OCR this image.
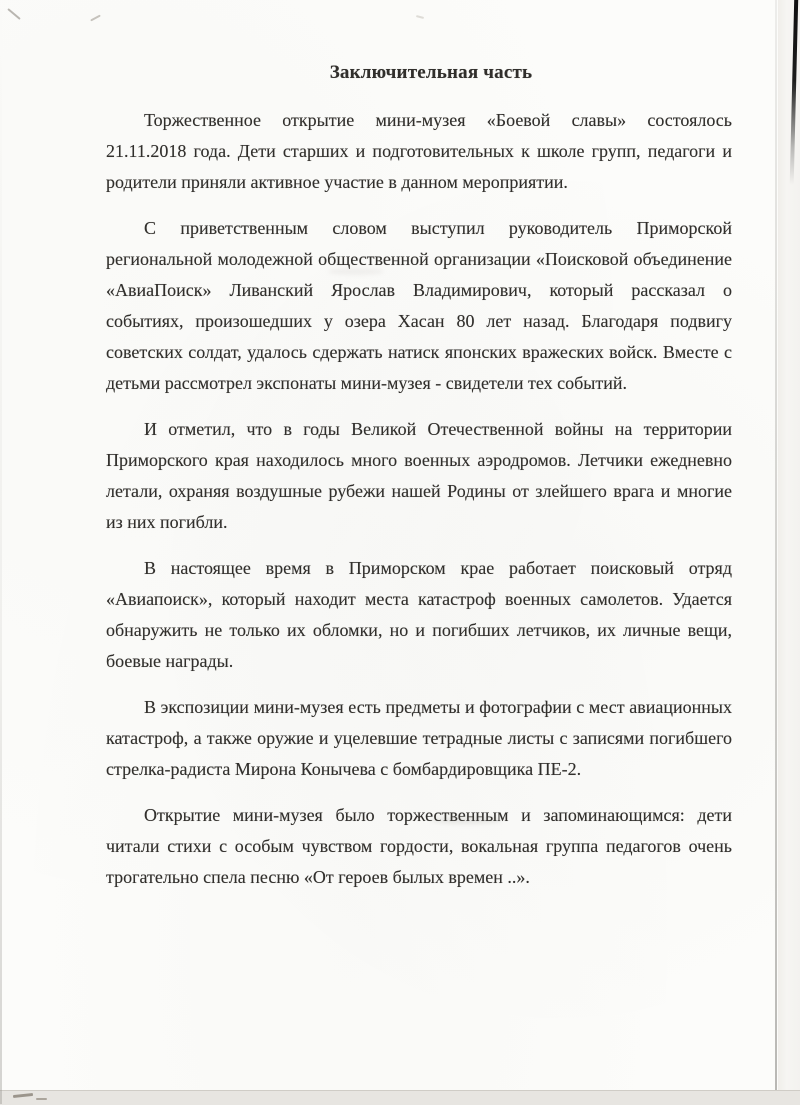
Заключительная часть

Торжественное открытие мини-музея «Боевой славы» состоялось 21.11.2018 года. Дети старших и подготовительных к школе групп, педагоги и родители приняли активное участие в данном мероприятии.

С приветственным словом выступил руководитель Приморской региональной молодежной общественной организации «Поисковой объединение «АвиаПоиск» Ливанский Ярослав Владимирович, который рассказал о событиях, произошедших у озера Хасан 80 лет назад. Благодаря подвигу советских солдат, удалось сдержать натиск японских вражеских войск. Вместе с детьми рассмотрел экспонаты мини-музея - свидетели тех событий.

И отметил, что в годы Великой Отечественной войны на территории Приморского края находилось много военных аэродромов. Летчики ежедневно летали, охраняя воздушные рубежи нашей Родины от злейшего врага и многие из них погибли.

В настоящее время в Приморском крае работает поисковый отряд «Авиапоиск», который находит места катастроф военных самолетов. Удается обнаружить не только их обломки, но и погибших летчиков, их личные вещи, боевые награды.

В экспозиции мини-музея есть предметы и фотографии с мест авиационных катастроф, а также оружие и уцелевшие тетрадные листы с записями погибшего стрелка-радиста Мирона Конычева с бомбардировщика ПЕ-2.

Открытие мини-музея было торжественным и запоминающимся: дети читали стихи с особым чувством гордости, вокальная группа педагогов очень трогательно спела песню «От героев былых времен ..».
